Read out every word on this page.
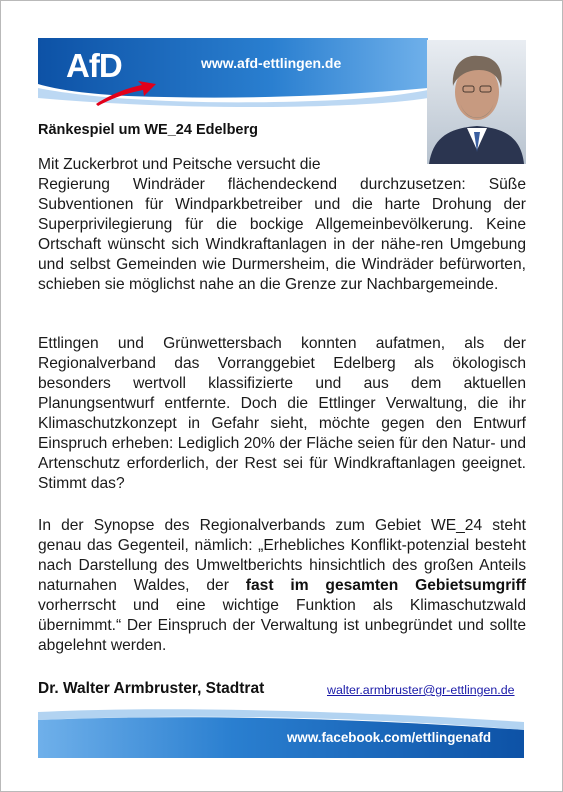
AfD	www.afd-ettlingen.de
Ränkespiel um WE_24 Edelberg

Mit Zuckerbrot und Peitsche versucht die
Regierung Windräder flächendeckend durchzusetzen: Süße Subventionen für Windparkbetreiber und die harte Drohung der Superprivilegierung für die bockige Allgemeinbevölkerung. Keine Ortschaft wünscht sich Windkraftanlagen in der nähe-ren Umgebung und selbst Gemeinden wie Durmersheim, die Windräder befürworten, schieben sie möglichst nahe an die Grenze zur Nachbargemeinde.

Ettlingen und Grünwettersbach konnten aufatmen, als der Regionalverband das Vorranggebiet Edelberg als ökologisch besonders wertvoll klassifizierte und aus dem aktuellen Planungsentwurf entfernte. Doch die Ettlinger Verwaltung, die ihr Klimaschutzkonzept in Gefahr sieht, möchte gegen den Entwurf Einspruch erheben: Lediglich 20% der Fläche seien für den Natur- und Artenschutz erforderlich, der Rest sei für Windkraftanlagen geeignet. Stimmt das?

In der Synopse des Regionalverbands zum Gebiet WE_24 steht genau das Gegenteil, nämlich: „Erhebliches Konflikt-potenzial besteht nach Darstellung des Umweltberichts hinsichtlich des großen Anteils naturnahen Waldes, der fast im gesamten Gebietsumgriff vorherrscht und eine wichtige Funktion als Klimaschutzwald übernimmt.“ Der Einspruch der Verwaltung ist unbegründet und sollte abgelehnt werden.

Dr. Walter Armbruster, Stadtrat	walter.armbruster@gr-ettlingen.de
www.facebook.com/ettlingenafd
